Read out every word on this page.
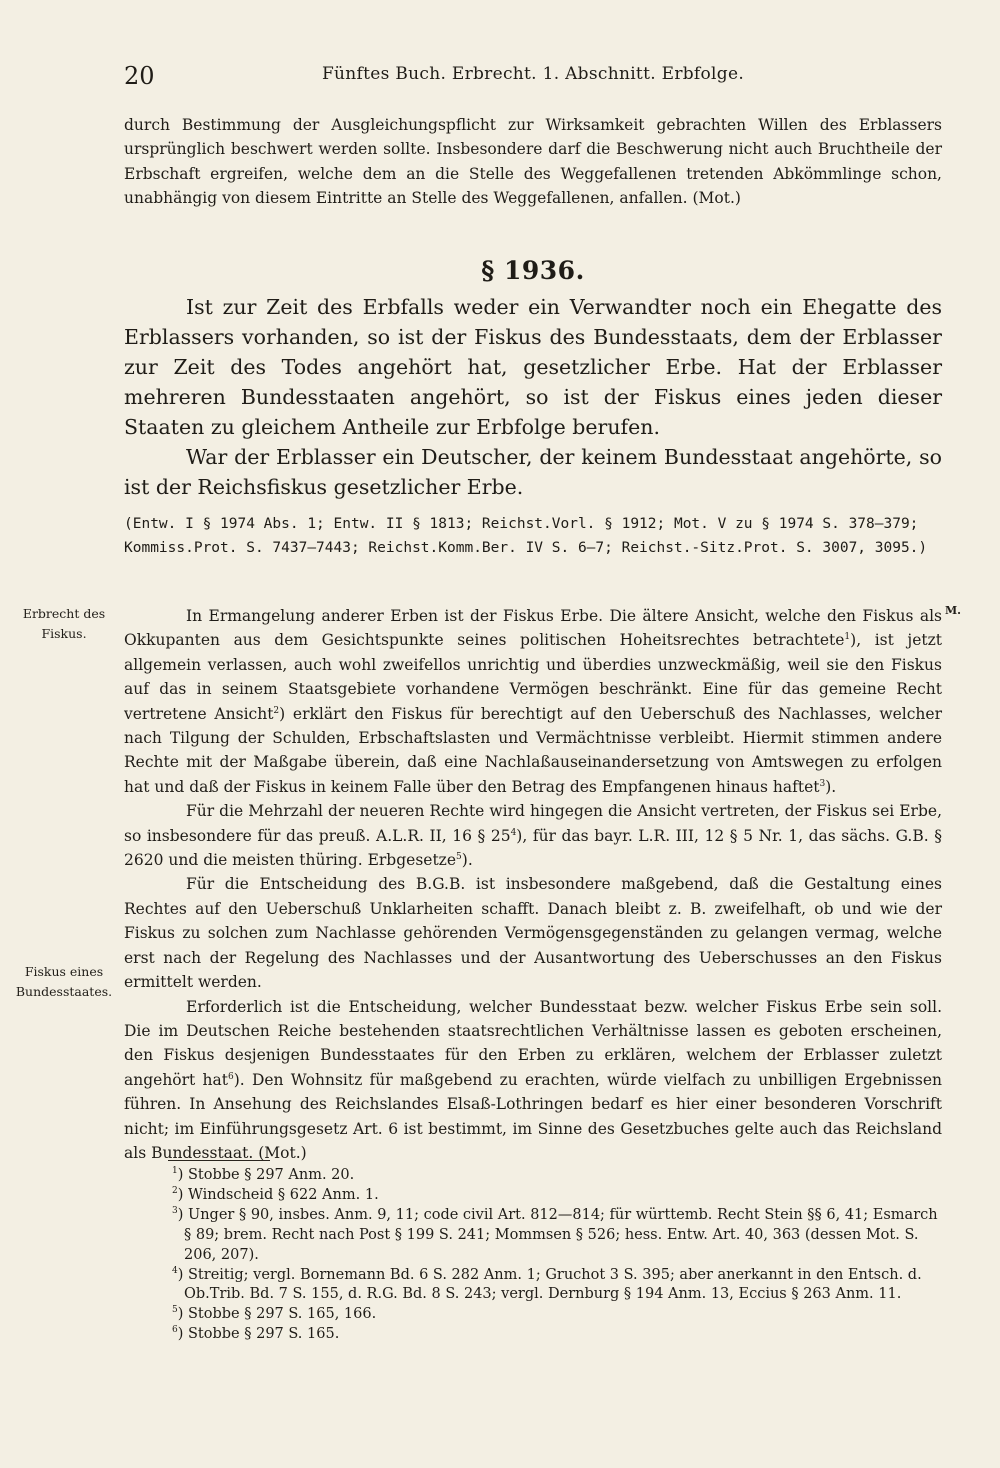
20	Fünftes Buch. Erbrecht. 1. Abschnitt. Erbfolge.
durch Bestimmung der Ausgleichungspflicht zur Wirksamkeit gebrachten Willen des Erblassers ursprünglich beschwert werden sollte. Insbesondere darf die Beschwerung nicht auch Bruchtheile der Erbschaft ergreifen, welche dem an die Stelle des Weggefallenen tretenden Abkömmlinge schon, unabhängig von diesem Eintritte an Stelle des Weggefallenen, anfallen. (Mot.)
§ 1936.

Ist zur Zeit des Erbfalls weder ein Verwandter noch ein Ehegatte des Erblassers vorhanden, so ist der Fiskus des Bundesstaats, dem der Erblasser zur Zeit des Todes angehört hat, gesetzlicher Erbe. Hat der Erblasser mehreren Bundesstaaten angehört, so ist der Fiskus eines jeden dieser Staaten zu gleichem Antheile zur Erbfolge berufen.

War der Erblasser ein Deutscher, der keinem Bundesstaat angehörte, so ist der Reichsfiskus gesetzlicher Erbe.

(Entw. I § 1974 Abs. 1; Entw. II § 1813; Reichst.Vorl. § 1912; Mot. V zu § 1974 S. 378–379; Kommiss.Prot. S. 7437–7443; Reichst.Komm.Ber. IV S. 6–7; Reichst.-Sitz.Prot. S. 3007, 3095.)
Erbrecht des Fiskus.
Fiskus eines Bundesstaates.
M.

In Ermangelung anderer Erben ist der Fiskus Erbe. Die ältere Ansicht, welche den Fiskus als Okkupanten aus dem Gesichtspunkte seines politischen Hoheitsrechtes betrachtete$^1$), ist jetzt allgemein verlassen, auch wohl zweifellos unrichtig und überdies unzweckmäßig, weil sie den Fiskus auf das in seinem Staatsgebiete vorhandene Vermögen beschränkt. Eine für das gemeine Recht vertretene Ansicht$^2$) erklärt den Fiskus für berechtigt auf den Ueberschuß des Nachlasses, welcher nach Tilgung der Schulden, Erbschaftslasten und Vermächtnisse verbleibt. Hiermit stimmen andere Rechte mit der Maßgabe überein, daß eine Nachlaßauseinandersetzung von Amtswegen zu erfolgen hat und daß der Fiskus in keinem Falle über den Betrag des Empfangenen hinaus haftet$^3$).

Für die Mehrzahl der neueren Rechte wird hingegen die Ansicht vertreten, der Fiskus sei Erbe, so insbesondere für das preuß. A.L.R. II, 16 § $25^4$), für das bayr. L.R. III, 12 § 5 Nr. 1, das sächs. G.B. § 2620 und die meisten thüring. Erbgesetze$^5$).

Für die Entscheidung des B.G.B. ist insbesondere maßgebend, daß die Gestaltung eines Rechtes auf den Ueberschuß Unklarheiten schafft. Danach bleibt z. B. zweifelhaft, ob und wie der Fiskus zu solchen zum Nachlasse gehörenden Vermögensgegenständen zu gelangen vermag, welche erst nach der Regelung des Nachlasses und der Ausantwortung des Ueberschusses an den Fiskus ermittelt werden.

Erforderlich ist die Entscheidung, welcher Bundesstaat bezw. welcher Fiskus Erbe sein soll. Die im Deutschen Reiche bestehenden staatsrechtlichen Verhältnisse lassen es geboten erscheinen, den Fiskus desjenigen Bundesstaates für den Erben zu erklären, welchem der Erblasser zuletzt angehört hat$^6$). Den Wohnsitz für maßgebend zu erachten, würde vielfach zu unbilligen Ergebnissen führen. In Ansehung des Reichslandes Elsaß-Lothringen bedarf es hier einer besonderen Vorschrift nicht; im Einführungsgesetz Art. 6 ist bestimmt, im Sinne des Gesetzbuches gelte auch das Reichsland als Bundesstaat. (Mot.)

$^1$) Stobbe § 297 Anm. 20.
$^2$) Windscheid § 622 Anm. 1.
$^3$) Unger § 90, insbes. Anm. 9, 11; code civil Art. 812—814; für württemb. Recht Stein §§ 6, 41; Esmarch § 89; brem. Recht nach Post § 199 S. 241; Mommsen § 526; hess. Entw. Art. 40, 363 (dessen Mot. S. 206, 207).
$^4$) Streitig; vergl. Bornemann Bd. 6 S. 282 Anm. 1; Gruchot 3 S. 395; aber anerkannt in den Entsch. d. Ob.Trib. Bd. 7 S. 155, d. R.G. Bd. 8 S. 243; vergl. Dernburg § 194 Anm. 13, Eccius § 263 Anm. 11.
$^5$) Stobbe § 297 S. 165, 166.
$^6$) Stobbe § 297 S. 165.
